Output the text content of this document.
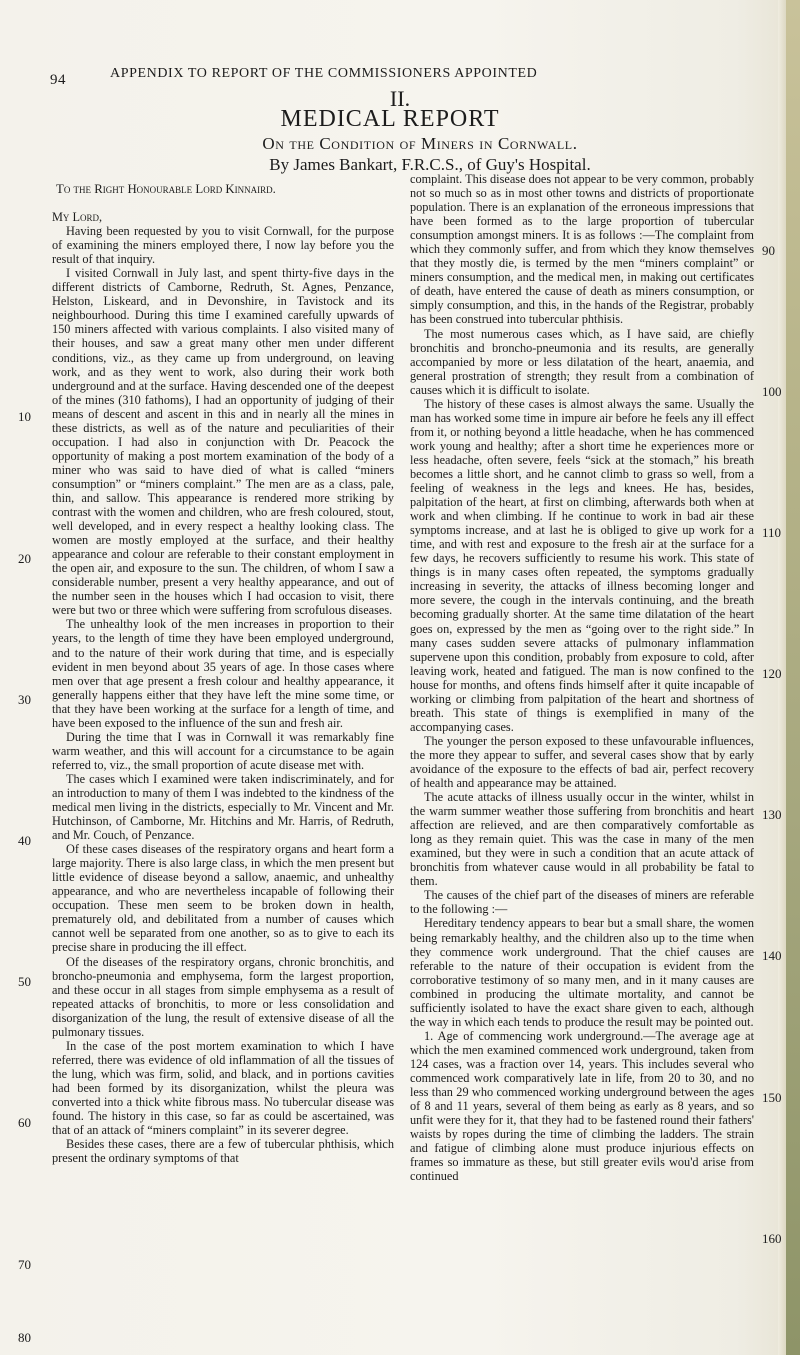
94	APPENDIX TO REPORT OF THE COMMISSIONERS APPOINTED
II.
MEDICAL REPORT
On the Condition of Miners in Cornwall.
By James Bankart, F.R.C.S., of Guy's Hospital.

To the Right Honourable Lord Kinnaird.

My Lord,

Having been requested by you to visit Cornwall, for the purpose of examining the miners employed there, I now lay before you the result of that inquiry.

I visited Cornwall in July last, and spent thirty-five days in the different districts of Camborne, Redruth, St. Agnes, Penzance, Helston, Liskeard, and in Devonshire, in Tavistock and its neighbourhood. During this time I examined carefully upwards of 150 miners affected with various complaints. I also visited many of their houses, and saw a great many other men under different conditions, viz., as they came up from underground, on leaving work, and as they went to work, also during their work both underground and at the surface. Having descended one of the deepest of the mines (310 fathoms), I had an opportunity of judging of their means of descent and ascent in this and in nearly all the mines in these districts, as well as of the nature and peculiarities of their occupation. I had also in conjunction with Dr. Peacock the opportunity of making a post mortem examination of the body of a miner who was said to have died of what is called “miners consumption” or “miners complaint.” The men are as a class, pale, thin, and sallow. This appearance is rendered more striking by contrast with the women and children, who are fresh coloured, stout, well developed, and in every respect a healthy looking class. The women are mostly employed at the surface, and their healthy appearance and colour are referable to their constant employment in the open air, and exposure to the sun. The children, of whom I saw a considerable number, present a very healthy appearance, and out of the number seen in the houses which I had occasion to visit, there were but two or three which were suffering from scrofulous diseases.

The unhealthy look of the men increases in proportion to their years, to the length of time they have been employed underground, and to the nature of their work during that time, and is especially evident in men beyond about 35 years of age. In those cases where men over that age present a fresh colour and healthy appearance, it generally happens either that they have left the mine some time, or that they have been working at the surface for a length of time, and have been exposed to the influence of the sun and fresh air.

During the time that I was in Cornwall it was remarkably fine warm weather, and this will account for a circumstance to be again referred to, viz., the small proportion of acute disease met with.

The cases which I examined were taken indiscriminately, and for an introduction to many of them I was indebted to the kindness of the medical men living in the districts, especially to Mr. Vincent and Mr. Hutchinson, of Camborne, Mr. Hitchins and Mr. Harris, of Redruth, and Mr. Couch, of Penzance.

Of these cases diseases of the respiratory organs and heart form a large majority. There is also large class, in which the men present but little evidence of disease beyond a sallow, anaemic, and unhealthy appearance, and who are nevertheless incapable of following their occupation. These men seem to be broken down in health, prematurely old, and debilitated from a number of causes which cannot well be separated from one another, so as to give to each its precise share in producing the ill effect.

Of the diseases of the respiratory organs, chronic bronchitis, and broncho-pneumonia and emphysema, form the largest proportion, and these occur in all stages from simple emphysema as a result of repeated attacks of bronchitis, to more or less consolidation and disorganization of the lung, the result of extensive disease of all the pulmonary tissues.

In the case of the post mortem examination to which I have referred, there was evidence of old inflammation of all the tissues of the lung, which was firm, solid, and black, and in portions cavities had been formed by its disorganization, whilst the pleura was converted into a thick white fibrous mass. No tubercular disease was found. The history in this case, so far as could be ascertained, was that of an attack of “miners complaint” in its severer degree.

Besides these cases, there are a few of tubercular phthisis, which present the ordinary symptoms of that

complaint. This disease does not appear to be very common, probably not so much so as in most other towns and districts of proportionate population. There is an explanation of the erroneous impressions that have been formed as to the large proportion of tubercular consumption amongst miners. It is as follows :—The complaint from which they commonly suffer, and from which they know themselves that they mostly die, is termed by the men “miners complaint” or miners consumption, and the medical men, in making out certificates of death, have entered the cause of death as miners consumption, or simply consumption, and this, in the hands of the Registrar, probably has been construed into tubercular phthisis.

The most numerous cases which, as I have said, are chiefly bronchitis and broncho-pneumonia and its results, are generally accompanied by more or less dilatation of the heart, anaemia, and general prostration of strength; they result from a combination of causes which it is difficult to isolate.

The history of these cases is almost always the same. Usually the man has worked some time in impure air before he feels any ill effect from it, or nothing beyond a little headache, when he has commenced work young and healthy; after a short time he experiences more or less headache, often severe, feels “sick at the stomach,” his breath becomes a little short, and he cannot climb to grass so well, from a feeling of weakness in the legs and knees. He has, besides, palpitation of the heart, at first on climbing, afterwards both when at work and when climbing. If he continue to work in bad air these symptoms increase, and at last he is obliged to give up work for a time, and with rest and exposure to the fresh air at the surface for a few days, he recovers sufficiently to resume his work. This state of things is in many cases often repeated, the symptoms gradually increasing in severity, the attacks of illness becoming longer and more severe, the cough in the intervals continuing, and the breath becoming gradually shorter. At the same time dilatation of the heart goes on, expressed by the men as “going over to the right side.” In many cases sudden severe attacks of pulmonary inflammation supervene upon this condition, probably from exposure to cold, after leaving work, heated and fatigued. The man is now confined to the house for months, and oftens finds himself after it quite incapable of working or climbing from palpitation of the heart and shortness of breath. This state of things is exemplified in many of the accompanying cases.

The younger the person exposed to these unfavourable influences, the more they appear to suffer, and several cases show that by early avoidance of the exposure to the effects of bad air, perfect recovery of health and appearance may be attained.

The acute attacks of illness usually occur in the winter, whilst in the warm summer weather those suffering from bronchitis and heart affection are relieved, and are then comparatively comfortable as long as they remain quiet. This was the case in many of the men examined, but they were in such a condition that an acute attack of bronchitis from whatever cause would in all probability be fatal to them.

The causes of the chief part of the diseases of miners are referable to the following :—

Hereditary tendency appears to bear but a small share, the women being remarkably healthy, and the children also up to the time when they commence work underground. That the chief causes are referable to the nature of their occupation is evident from the corroborative testimony of so many men, and in it many causes are combined in producing the ultimate mortality, and cannot be sufficiently isolated to have the exact share given to each, although the way in which each tends to produce the result may be pointed out.

1. Age of commencing work underground.—The average age at which the men examined commenced work underground, taken from 124 cases, was a fraction over 14, years. This includes several who commenced work comparatively late in life, from 20 to 30, and no less than 29 who commenced working underground between the ages of 8 and 11 years, several of them being as early as 8 years, and so unfit were they for it, that they had to be fastened round their fathers' waists by ropes during the time of climbing the ladders. The strain and fatigue of climbing alone must produce injurious effects on frames so immature as these, but still greater evils wou'd arise from continued

10
20
30
40
50
60
70
80
90
100
110
120
130
140
150
160
